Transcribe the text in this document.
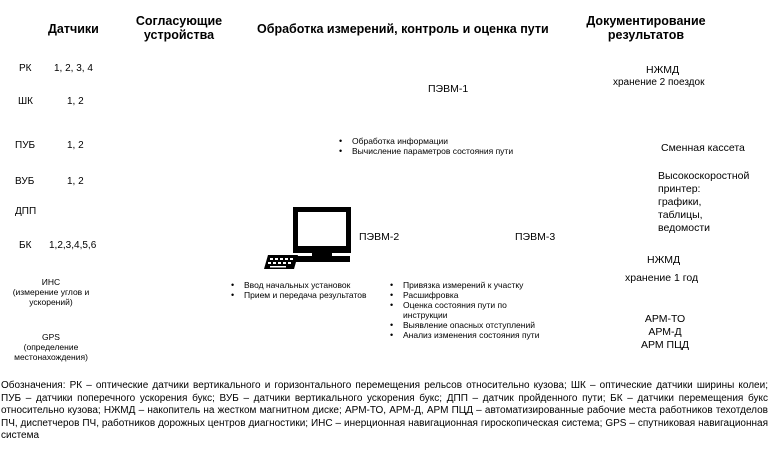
Датчики
Согласующие
устройства	Обработка измерений, контроль и оценка пути
Документирование
результатов
РК 1, 2, 3, 4
ШК	1, 2
ПУБ	1, 2
ВУБ	1, 2
ДПП
БК 1,2,3,4,5,6
ИНС
(измерение углов и
ускорений)
GPS
(определение
местонахождения)
ПЭВМ-1
• Обработка информации
• Вычисление параметров состояния пути
ПЭВМ-2
• Ввод начальных установок
• Прием и передача результатов
ПЭВМ-3
• Привязка измерений к участку
• Расшифровка
• Оценка состояния пути по инструкции
• Выявление опасных отступлений
• Анализ изменения состояния пути
НЖМД
хранение 2 поездок
Сменная кассета
Высокоскоростной
принтер:
графики,
таблицы,
ведомости
НЖМД
хранение 1 год
АРМ-ТО
АРМ-Д
АРМ ПЦД
Обозначения: РК – оптические датчики вертикального и горизонтального перемещения рельсов относительно кузова; ШК – оптические датчики ширины колеи; ПУБ – датчики поперечного ускорения букс; ВУБ – датчики вертикального ускорения букс; ДПП – датчик пройденного пути; БК – датчики перемещения букс относительно кузова; НЖМД – накопитель на жестком магнитном диске; АРМ-ТО, АРМ-Д, АРМ ПЦД – автоматизированные рабочие места работников техотделов ПЧ, диспетчеров ПЧ, работников дорожных центров диагностики; ИНС – инерционная навигационная гироскопическая система; GPS – спутниковая навигационная система
